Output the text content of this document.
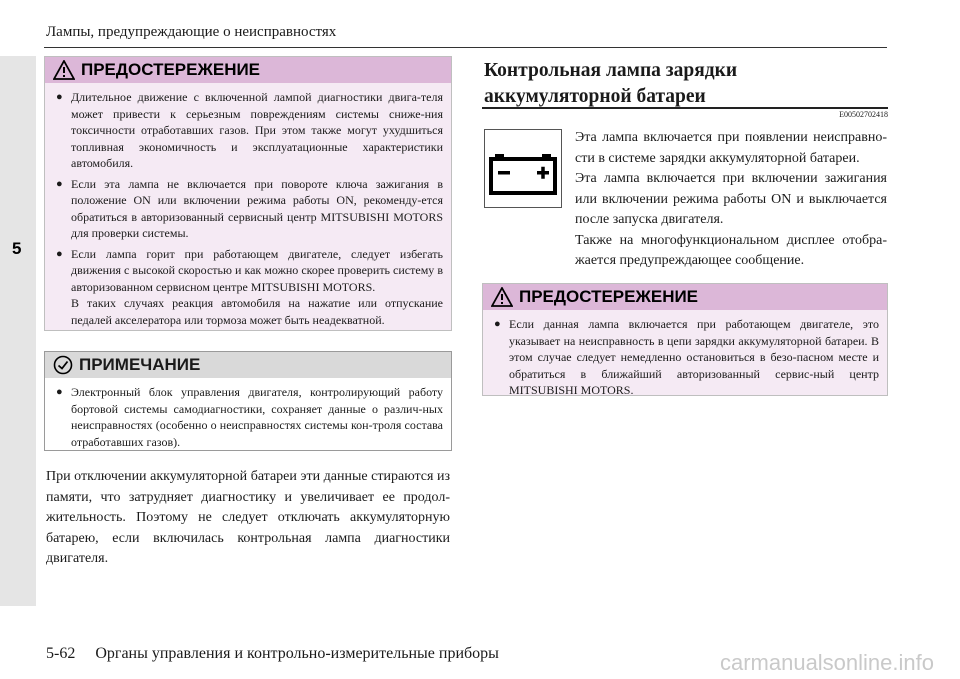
5
Лампы, предупреждающие о неисправностях
ПРЕДОСТЕРЕЖЕНИЕ
● Длительное движение с включенной лампой диагностики двига-теля может привести к серьезным повреждениям системы сниже-ния токсичности отработавших газов. При этом также могут ухудшиться топливная экономичность и эксплуатационные характеристики автомобиля.
● Если эта лампа не включается при повороте ключа зажигания в положение ON или включении режима работы ON, рекоменду-ется обратиться в авторизованный сервисный центр MITSUBISHI MOTORS для проверки системы.
● Если лампа горит при работающем двигателе, следует избегать движения с высокой скоростью и как можно скорее проверить систему в авторизованном сервисном центре MITSUBISHI MOTORS.
В таких случаях реакция автомобиля на нажатие или отпускание педалей акселератора или тормоза может быть неадекватной.
ПРИМЕЧАНИЕ
● Электронный блок управления двигателя, контролирующий работу бортовой системы самодиагностики, сохраняет данные о различ-ных неисправностях (особенно о неисправностях системы кон-троля состава отработавших газов).
При отключении аккумуляторной батареи эти данные стираются из памяти, что затрудняет диагностику и увеличивает ее продол-жительность. Поэтому не следует отключать аккумуляторную батарею, если включилась контрольная лампа диагностики двигателя.
Контрольная лампа зарядки аккумуляторной батареи
E00502702418
Эта лампа включается при появлении неисправно-сти в системе зарядки аккумуляторной батареи.
Эта лампа включается при включении зажигания или включении режима работы ON и выключается после запуска двигателя.
Также на многофункциональном дисплее отобра-жается предупреждающее сообщение.
ПРЕДОСТЕРЕЖЕНИЕ
● Если данная лампа включается при работающем двигателе, это указывает на неисправность в цепи зарядки аккумуляторной батареи. В этом случае следует немедленно остановиться в безо-пасном месте и обратиться в ближайший авторизованный сервис-ный центр MITSUBISHI MOTORS.
5-62 Органы управления и контрольно-измерительные приборы	carmanualsonline.info
